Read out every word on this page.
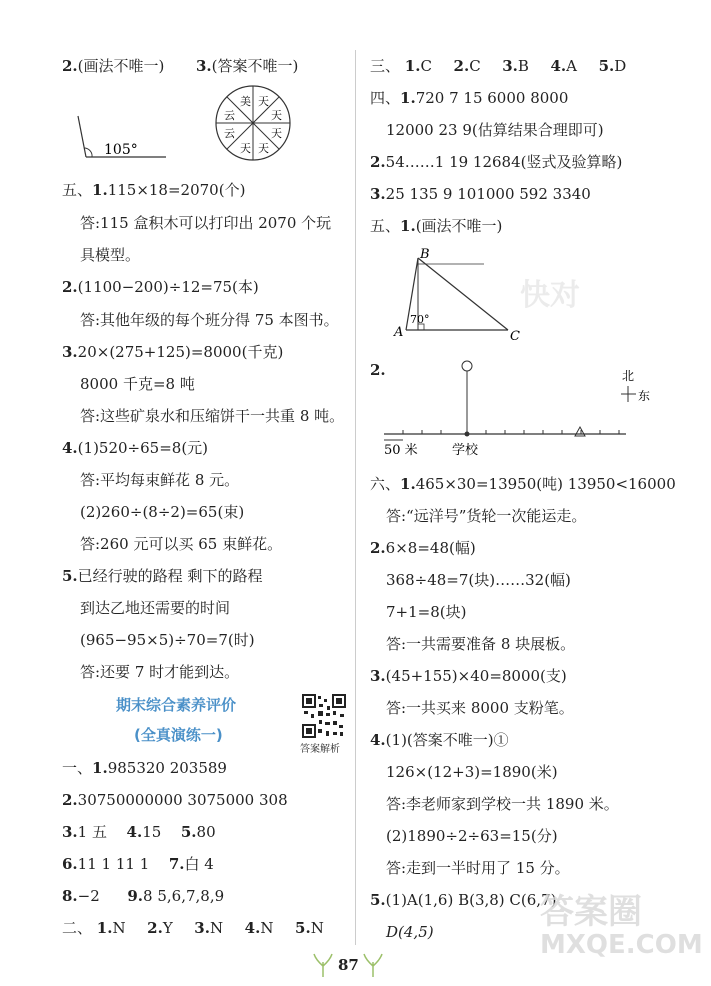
2.(画法不唯一) 3.(答案不唯一)
105°
美 天
天
天
天
云
云
天
五、1.115×18=2070(个)
答:115 盒积木可以打印出 2070 个玩
具模型。
2.(1100−200)÷12=75(本)
答:其他年级的每个班分得 75 本图书。
3.20×(275+125)=8000(千克)
8000 千克=8 吨
答:这些矿泉水和压缩饼干一共重 8 吨。
4.(1)520÷65=8(元)
答:平均每束鲜花 8 元。
(2)260÷(8÷2)=65(束)
答:260 元可以买 65 束鲜花。
5.已经行驶的路程 剩下的路程
到达乙地还需要的时间
(965−95×5)÷70=7(时)
答:还要 7 时才能到达。
期末综合素养评价
(全真演练一)
答案解析
一、1.985320 203589
2.30750000000 3075000 308
3.1 五 4.15 5.80
6.11 1 11 1 7.白 4
8.−2 9.8 5,6,7,8,9
二、 1.N 2.Y 3.N 4.N 5.N
三、 1.C 2.C 3.B 4.A 5.D
四、1.720 7 15 6000 8000
12000 23 9(估算结果合理即可)
2.54……1 19 12684(竖式及验算略)
3.25 135 9 101000 592 3340
五、1.(画法不唯一)
B
A	C
70°
2.
50 米	学校
北
东
六、1.465×30=13950(吨) 13950<16000
答:“远洋号”货轮一次能运走。
2.6×8=48(幅)
368÷48=7(块)……32(幅)
7+1=8(块)
答:一共需要准备 8 块展板。
3.(45+155)×40=8000(支)
答:一共买来 8000 支粉笔。
4.(1)(答案不唯一)①
126×(12+3)=1890(米)
答:李老师家到学校一共 1890 米。
(2)1890÷2÷63=15(分)
答:走到一半时用了 15 分。
5.(1)A(1,6) B(3,8) C(6,7)
D(4,5)	答案圈
MXQE.COM
快对
87
